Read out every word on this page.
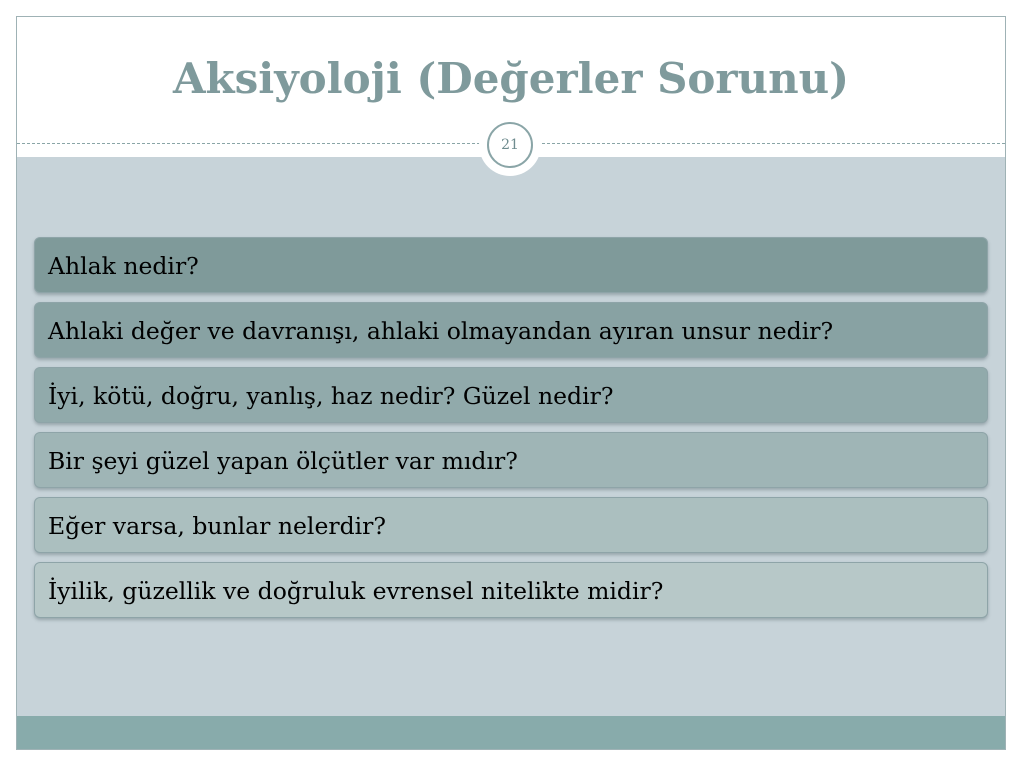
Aksiyoloji (Değerler Sorunu)
21
Ahlak nedir?
Ahlaki değer ve davranışı, ahlaki olmayandan ayıran unsur nedir?
İyi, kötü, doğru, yanlış, haz nedir? Güzel nedir?
Bir şeyi güzel yapan ölçütler var mıdır?
Eğer varsa, bunlar nelerdir?
İyilik, güzellik ve doğruluk evrensel nitelikte midir?
